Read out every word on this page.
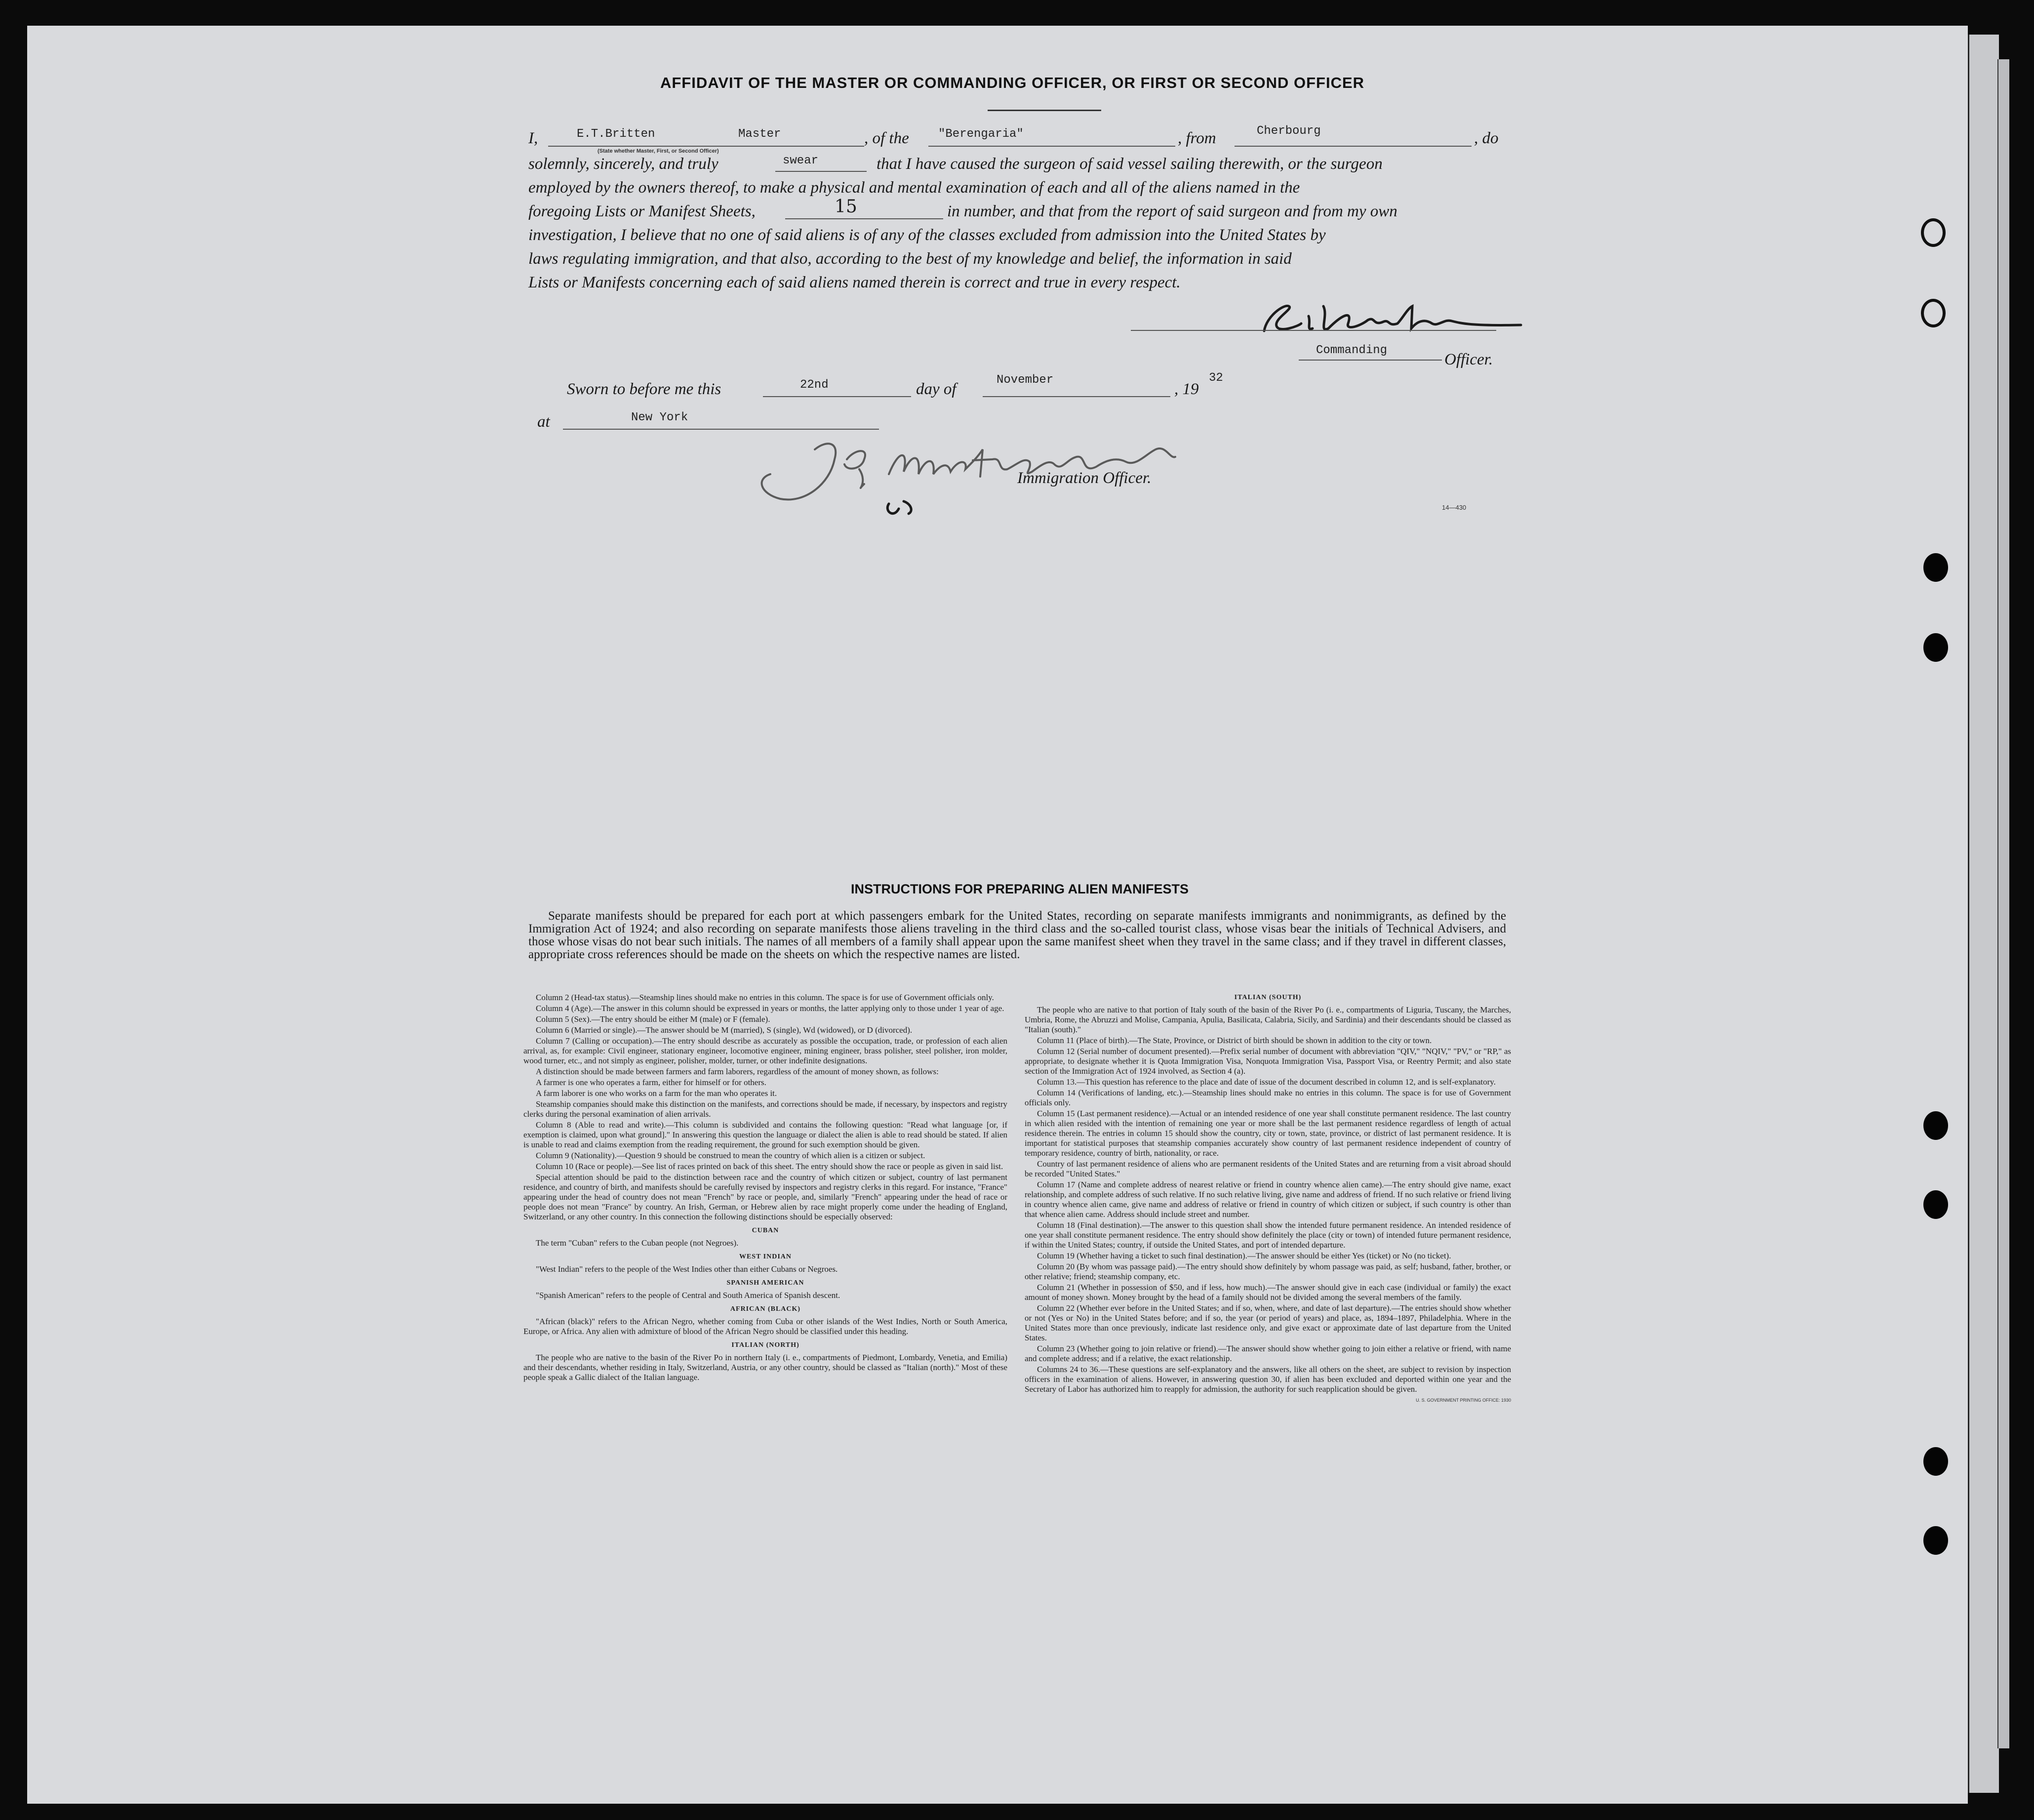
AFFIDAVIT OF THE MASTER OR COMMANDING OFFICER, OR FIRST OR SECOND OFFICER
I,	E.T.Britten	Master
(State whether Master, First, or Second Officer)
, of the "Berengaria"	, from	Cherbourg	, do
solemnly, sincerely, and truly	swear	that I have caused the surgeon of said vessel sailing therewith, or the surgeon
employed by the owners thereof, to make a physical and mental examination of each and all of the aliens named in the
foregoing Lists or Manifest Sheets,	15	in number, and that from the report of said surgeon and from my own
investigation, I believe that no one of said aliens is of any of the classes excluded from admission into the United States by
laws regulating immigration, and that also, according to the best of my knowledge and belief, the information in said
Lists or Manifests concerning each of said aliens named therein is correct and true in every respect.
Commanding
Officer.
Sworn to before me this	22nd	day of
November
, 19
32
at	New York
Immigration Officer.
14—430
INSTRUCTIONS FOR PREPARING ALIEN MANIFESTS
Separate manifests should be prepared for each port at which passengers embark for the United States, recording on separate manifests immigrants and nonimmigrants, as defined by the Immigration Act of 1924; and also recording on separate manifests those aliens traveling in the third class and the so-called tourist class, whose visas bear the initials of Technical Advisers, and those whose visas do not bear such initials. The names of all members of a family shall appear upon the same manifest sheet when they travel in the same class; and if they travel in different classes, appropriate cross references should be made on the sheets on which the respective names are listed.

Column 2 (Head-tax status).—Steamship lines should make no entries in this column. The space is for use of Government officials only.

Column 4 (Age).—The answer in this column should be expressed in years or months, the latter applying only to those under 1 year of age.

Column 5 (Sex).—The entry should be either M (male) or F (female).

Column 6 (Married or single).—The answer should be M (married), S (single), Wd (widowed), or D (divorced).

Column 7 (Calling or occupation).—The entry should describe as accurately as possible the occupation, trade, or profession of each alien arrival, as, for example: Civil engineer, stationary engineer, locomotive engineer, mining engineer, brass polisher, steel polisher, iron molder, wood turner, etc., and not simply as engineer, polisher, molder, turner, or other indefinite designations.

A distinction should be made between farmers and farm laborers, regardless of the amount of money shown, as follows:

A farmer is one who operates a farm, either for himself or for others.

A farm laborer is one who works on a farm for the man who operates it.

Steamship companies should make this distinction on the manifests, and corrections should be made, if necessary, by inspectors and registry clerks during the personal examination of alien arrivals.

Column 8 (Able to read and write).—This column is subdivided and contains the following question: "Read what language [or, if exemption is claimed, upon what ground]." In answering this question the language or dialect the alien is able to read should be stated. If alien is unable to read and claims exemption from the reading requirement, the ground for such exemption should be given.

Column 9 (Nationality).—Question 9 should be construed to mean the country of which alien is a citizen or subject.

Column 10 (Race or people).—See list of races printed on back of this sheet. The entry should show the race or people as given in said list.

Special attention should be paid to the distinction between race and the country of which citizen or subject, country of last permanent residence, and country of birth, and manifests should be carefully revised by inspectors and registry clerks in this regard. For instance, "France" appearing under the head of country does not mean "French" by race or people, and, similarly "French" appearing under the head of race or people does not mean "France" by country. An Irish, German, or Hebrew alien by race might properly come under the heading of England, Switzerland, or any other country. In this connection the following distinctions should be especially observed:

CUBAN

The term "Cuban" refers to the Cuban people (not Negroes).

WEST INDIAN

"West Indian" refers to the people of the West Indies other than either Cubans or Negroes.

SPANISH AMERICAN

"Spanish American" refers to the people of Central and South America of Spanish descent.

AFRICAN (BLACK)

"African (black)" refers to the African Negro, whether coming from Cuba or other islands of the West Indies, North or South America, Europe, or Africa. Any alien with admixture of blood of the African Negro should be classified under this heading.

ITALIAN (NORTH)

The people who are native to the basin of the River Po in northern Italy (i. e., compartments of Piedmont, Lombardy, Venetia, and Emilia) and their descendants, whether residing in Italy, Switzerland, Austria, or any other country, should be classed as "Italian (north)." Most of these people speak a Gallic dialect of the Italian language.

ITALIAN (SOUTH)

The people who are native to that portion of Italy south of the basin of the River Po (i. e., compartments of Liguria, Tuscany, the Marches, Umbria, Rome, the Abruzzi and Molise, Campania, Apulia, Basilicata, Calabria, Sicily, and Sardinia) and their descendants should be classed as "Italian (south)."

Column 11 (Place of birth).—The State, Province, or District of birth should be shown in addition to the city or town.

Column 12 (Serial number of document presented).—Prefix serial number of document with abbreviation "QIV," "NQIV," "PV," or "RP," as appropriate, to designate whether it is Quota Immigration Visa, Nonquota Immigration Visa, Passport Visa, or Reentry Permit; and also state section of the Immigration Act of 1924 involved, as Section 4 (a).

Column 13.—This question has reference to the place and date of issue of the document described in column 12, and is self-explanatory.

Column 14 (Verifications of landing, etc.).—Steamship lines should make no entries in this column. The space is for use of Government officials only.

Column 15 (Last permanent residence).—Actual or an intended residence of one year shall constitute permanent residence. The last country in which alien resided with the intention of remaining one year or more shall be the last permanent residence regardless of length of actual residence therein. The entries in column 15 should show the country, city or town, state, province, or district of last permanent residence. It is important for statistical purposes that steamship companies accurately show country of last permanent residence independent of country of temporary residence, country of birth, nationality, or race.

Country of last permanent residence of aliens who are permanent residents of the United States and are returning from a visit abroad should be recorded "United States."

Column 17 (Name and complete address of nearest relative or friend in country whence alien came).—The entry should give name, exact relationship, and complete address of such relative. If no such relative living, give name and address of friend. If no such relative or friend living in country whence alien came, give name and address of relative or friend in country of which citizen or subject, if such country is other than that whence alien came. Address should include street and number.

Column 18 (Final destination).—The answer to this question shall show the intended future permanent residence. An intended residence of one year shall constitute permanent residence. The entry should show definitely the place (city or town) of intended future permanent residence, if within the United States; country, if outside the United States, and port of intended departure.

Column 19 (Whether having a ticket to such final destination).—The answer should be either Yes (ticket) or No (no ticket).

Column 20 (By whom was passage paid).—The entry should show definitely by whom passage was paid, as self; husband, father, brother, or other relative; friend; steamship company, etc.

Column 21 (Whether in possession of $50, and if less, how much).—The answer should give in each case (individual or family) the exact amount of money shown. Money brought by the head of a family should not be divided among the several members of the family.

Column 22 (Whether ever before in the United States; and if so, when, where, and date of last departure).—The entries should show whether or not (Yes or No) in the United States before; and if so, the year (or period of years) and place, as, 1894–1897, Philadelphia. Where in the United States more than once previously, indicate last residence only, and give exact or approximate date of last departure from the United States.

Column 23 (Whether going to join relative or friend).—The answer should show whether going to join either a relative or friend, with name and complete address; and if a relative, the exact relationship.

Columns 24 to 36.—These questions are self-explanatory and the answers, like all others on the sheet, are subject to revision by inspection officers in the examination of aliens. However, in answering question 30, if alien has been excluded and deported within one year and the Secretary of Labor has authorized him to reapply for admission, the authority for such reapplication should be given.

U. S. GOVERNMENT PRINTING OFFICE: 1930
